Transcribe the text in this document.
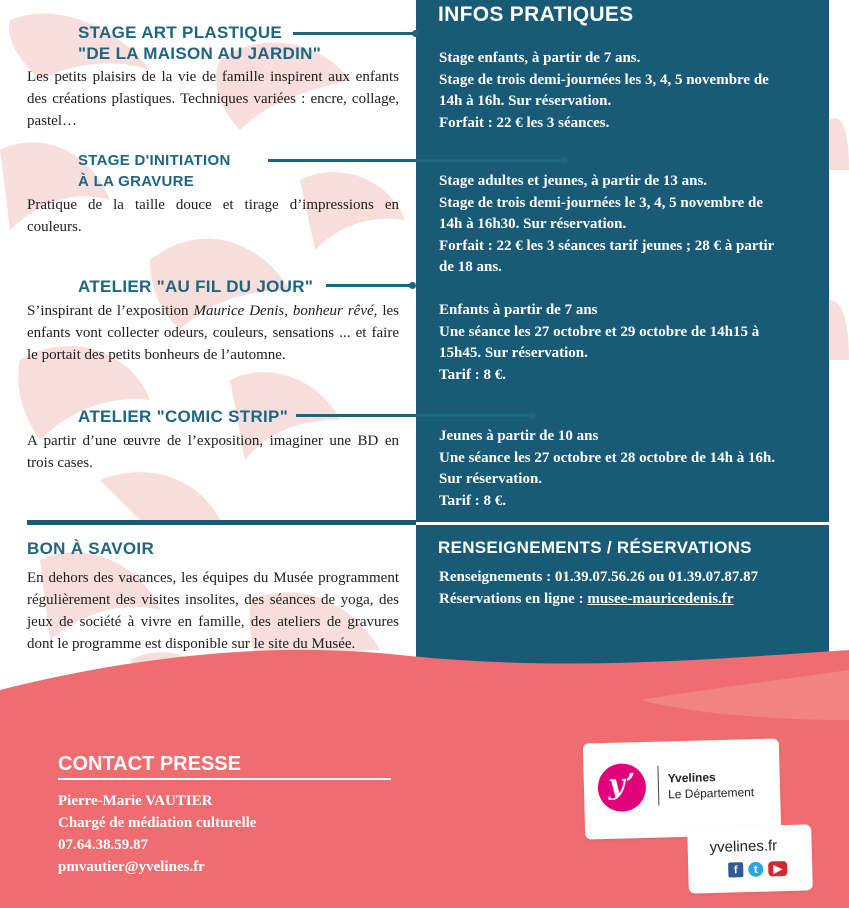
INFOS PRATIQUES
STAGE ART PLASTIQUE
"DE LA MAISON AU JARDIN"
Les petits plaisirs de la vie de famille inspirent aux enfants des créations plastiques. Techniques variées : encre, collage, pastel…
Stage enfants, à partir de 7 ans.
Stage de trois demi-journées les 3, 4, 5 novembre de
14h à 16h. Sur réservation.
Forfait : 22 € les 3 séances.
STAGE D'INITIATION
À LA GRAVURE
Pratique de la taille douce et tirage d’impressions en couleurs.
Stage adultes et jeunes, à partir de 13 ans.
Stage de trois demi-journées le 3, 4, 5 novembre de
14h à 16h30. Sur réservation.
Forfait : 22 € les 3 séances tarif jeunes ; 28 € à partir
de 18 ans.
ATELIER "AU FIL DU JOUR"
S’inspirant de l’exposition Maurice Denis, bonheur rêvé, les enfants vont collecter odeurs, couleurs, sensations ... et faire le portait des petits bonheurs de l’automne.
Enfants à partir de 7 ans
Une séance les 27 octobre et 29 octobre de 14h15 à
15h45. Sur réservation.
Tarif : 8 €.
ATELIER "COMIC STRIP"
A partir d’une œuvre de l’exposition, imaginer une BD en trois cases.
Jeunes à partir de 10 ans
Une séance les 27 octobre et 28 octobre de 14h à 16h.
Sur réservation.
Tarif : 8 €.
BON À SAVOIR
En dehors des vacances, les équipes du Musée programment régulièrement des visites insolites, des séances de yoga, des jeux de société à vivre en famille, des ateliers de gravures dont le programme est disponible sur le site du Musée.
RENSEIGNEMENTS / RÉSERVATIONS
Renseignements : 01.39.07.56.26 ou 01.39.07.87.87
Réservations en ligne : musee-mauricedenis.fr
CONTACT PRESSE
Pierre-Marie VAUTIER
Chargé de médiation culturelle
07.64.38.59.87
pmvautier@yvelines.fr
y’	Yvelines
Le Département
yvelines.fr
f	t	▶
